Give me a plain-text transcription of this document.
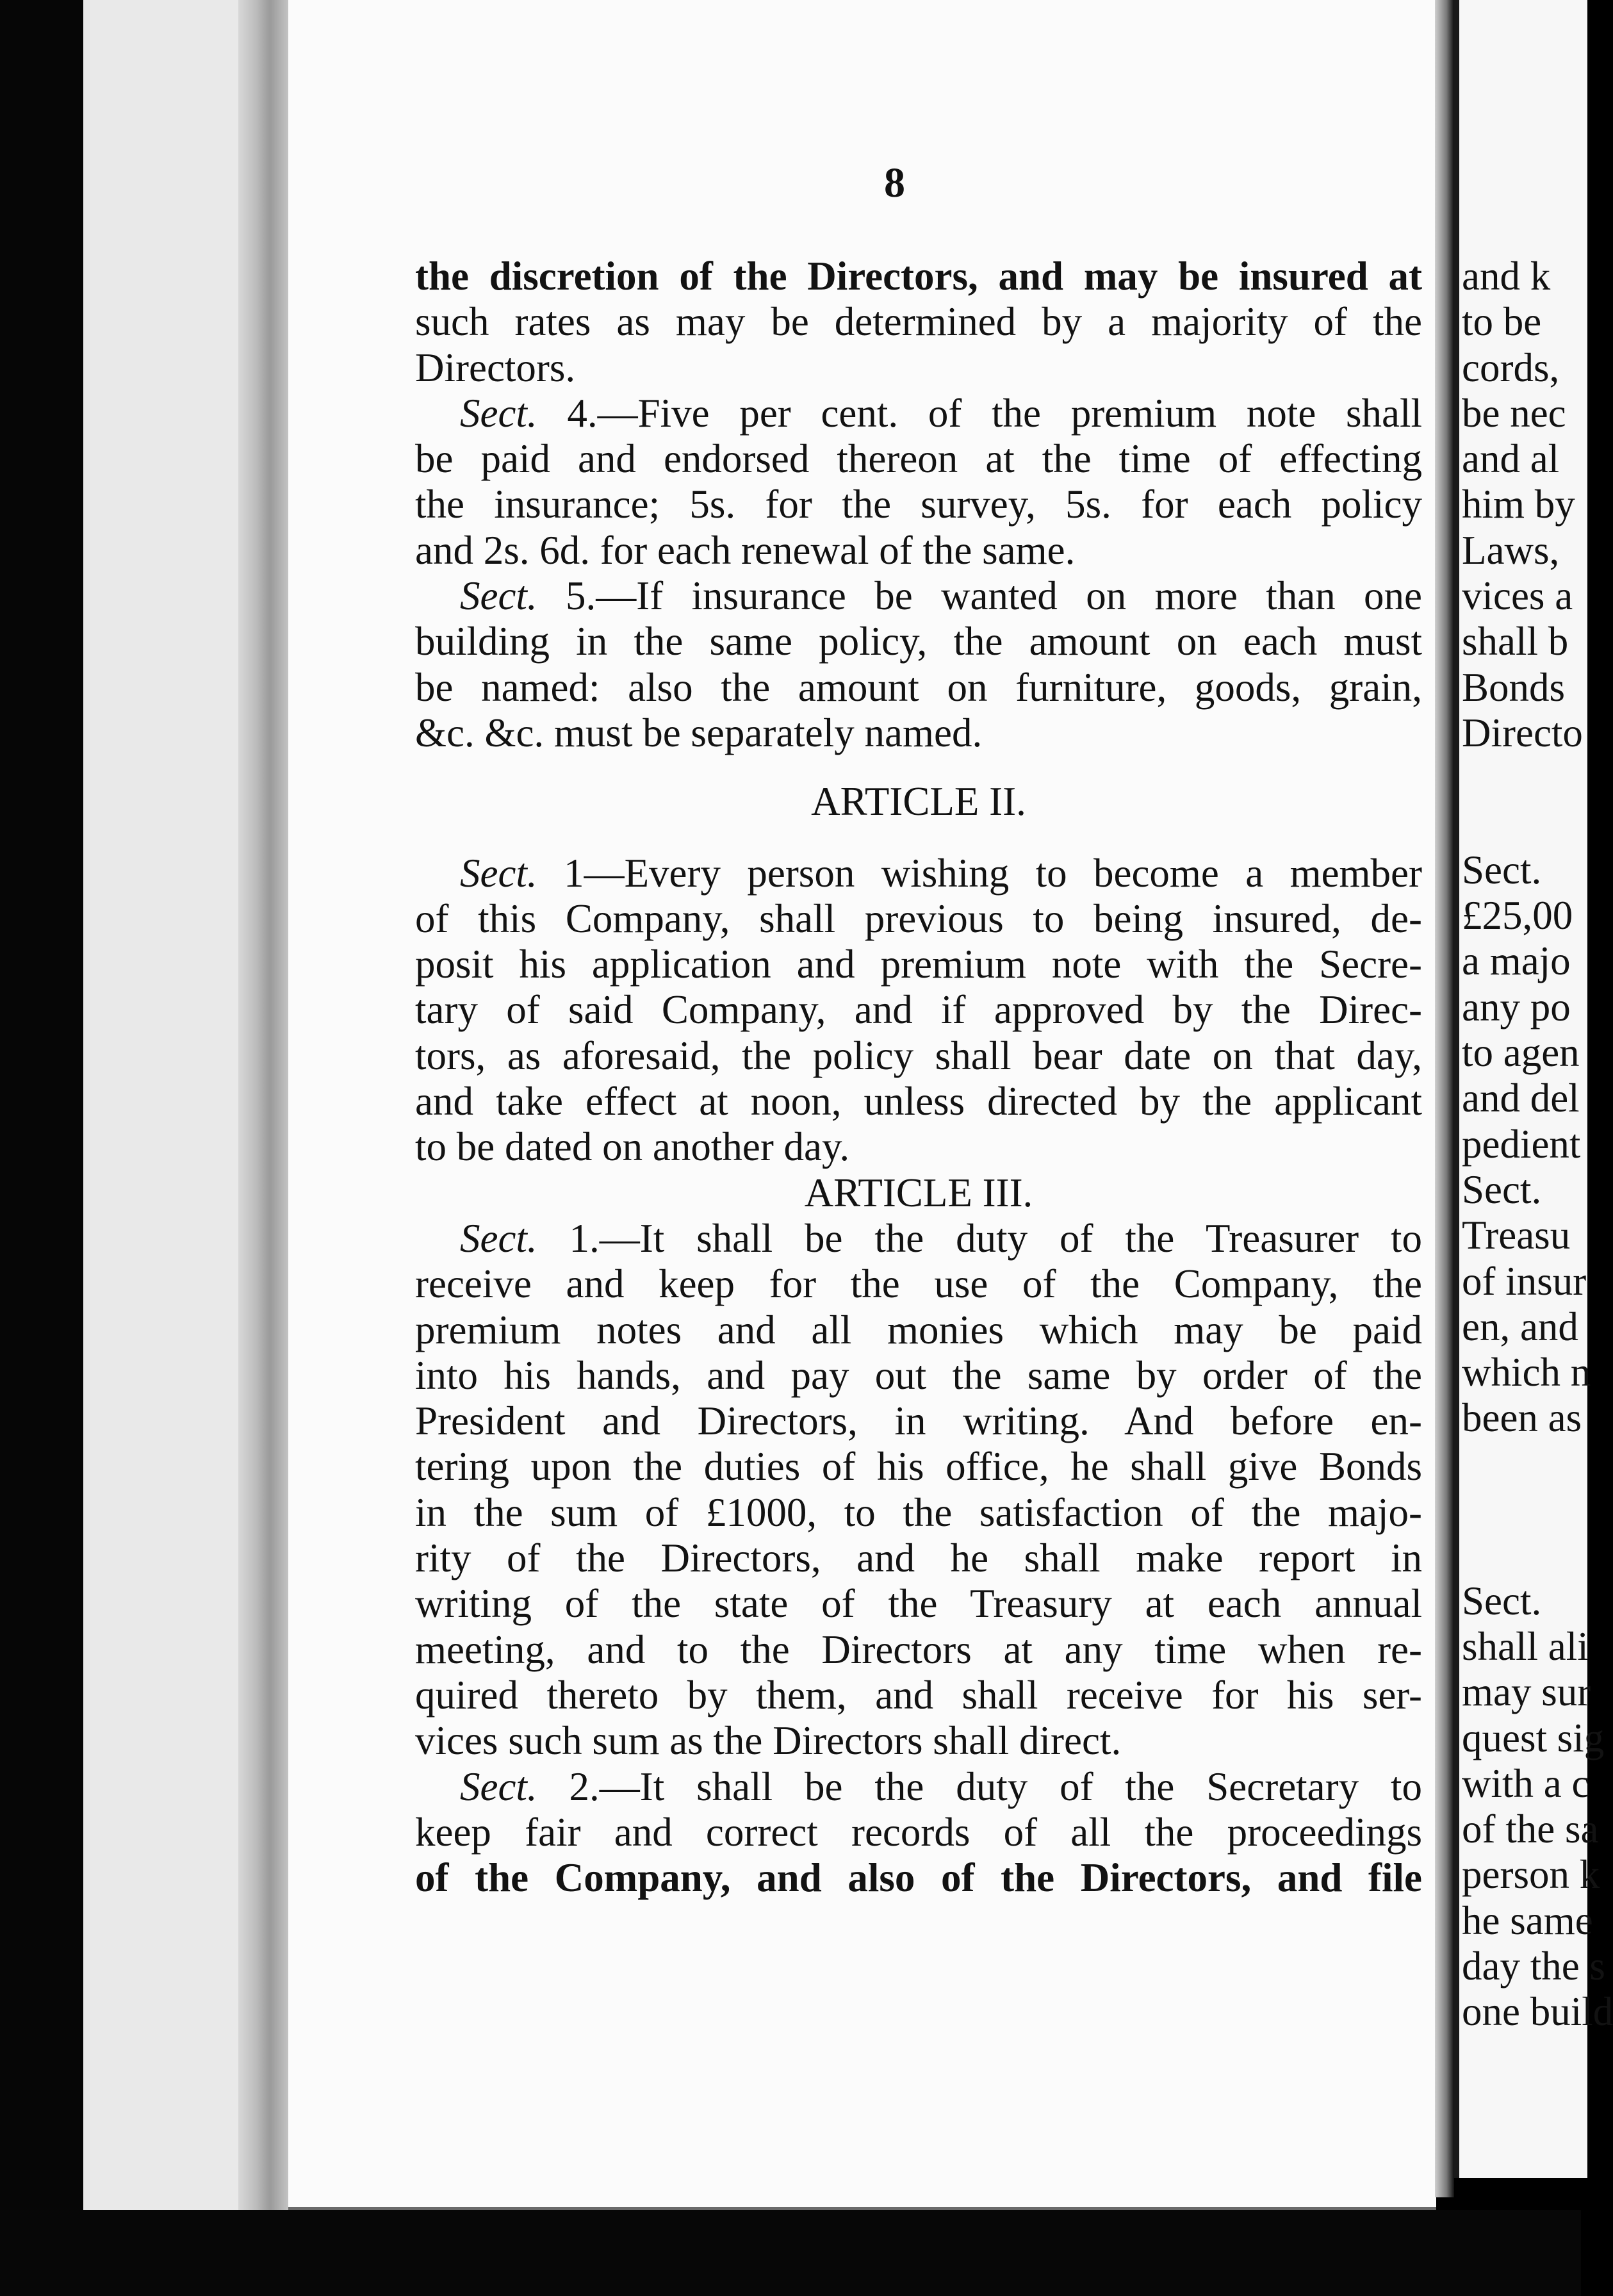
8
the discretion of the Directors, and may be insured at
such rates as may be determined by a majority of the
Directors.
Sect. 4.—Five per cent. of the premium note shall
be paid and endorsed thereon at the time of effecting
the insurance; 5s. for the survey, 5s. for each policy
and 2s. 6d. for each renewal of the same.
Sect. 5.—If insurance be wanted on more than one
building in the same policy, the amount on each must
be named: also the amount on furniture, goods, grain,
&c. &c. must be separately named.
ARTICLE II.
Sect. 1—Every person wishing to become a member
of this Company, shall previous to being insured, de-
posit his application and premium note with the Secre-
tary of said Company, and if approved by the Direc-
tors, as aforesaid, the policy shall bear date on that day,
and take effect at noon, unless directed by the applicant
to be dated on another day.
ARTICLE III.
Sect. 1.—It shall be the duty of the Treasurer to
receive and keep for the use of the Company, the
premium notes and all monies which may be paid
into his hands, and pay out the same by order of the
President and Directors, in writing. And before en-
tering upon the duties of his office, he shall give Bonds
in the sum of £1000, to the satisfaction of the majo-
rity of the Directors, and he shall make report in
writing of the state of the Treasury at each annual
meeting, and to the Directors at any time when re-
quired thereto by them, and shall receive for his ser-
vices such sum as the Directors shall direct.
Sect. 2.—It shall be the duty of the Secretary to
keep fair and correct records of all the proceedings
of the Company, and also of the Directors, and file
and k
to be
cords,
be nec
and al
him by
Laws,
vices a
shall b
Bonds
Directo
Sect.
£25,00
a majo
any po
to agen
and del
pedient
Sect.
Treasu
of insur
en, and
which n
been as
Sect.
shall ali
may sur
quest sig
with a c
of the sa
person k
he same
day the s
one build
